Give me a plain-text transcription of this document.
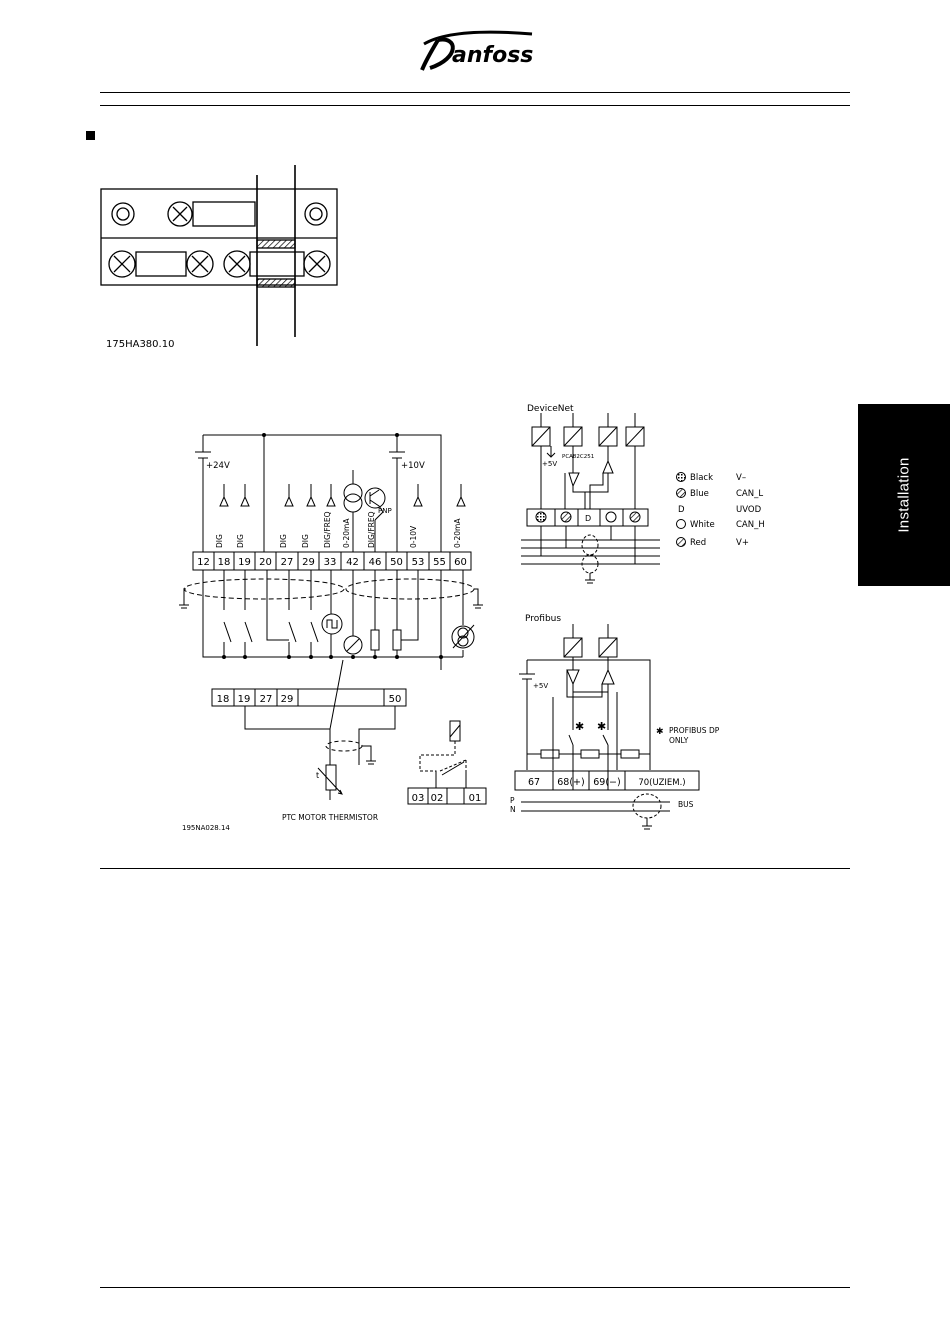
anfoss
Installation
175HA380.10
+24V	+10V
PNP
12 18 19 20 27 29 33 42 46 50 53 55 60
DIG DIG	DIG DIG DIG/FREQ 0-20mA DIG/FREQ	0-10V	0-20mA
18 19 27 29	50
t
PTC MOTOR THERMISTOR
195NA028.14
03 02	01
DeviceNet
+5V
PCA82C251
D
Black	V–
Blue	CAN_L
D	UVOD
White	CAN_H
Red	V+
Profibus
+5V
✱ ✱	✱ PROFIBUS DP
ONLY
67 68(+) 69(−) 70(UZIEM.)
P
N
BUS
